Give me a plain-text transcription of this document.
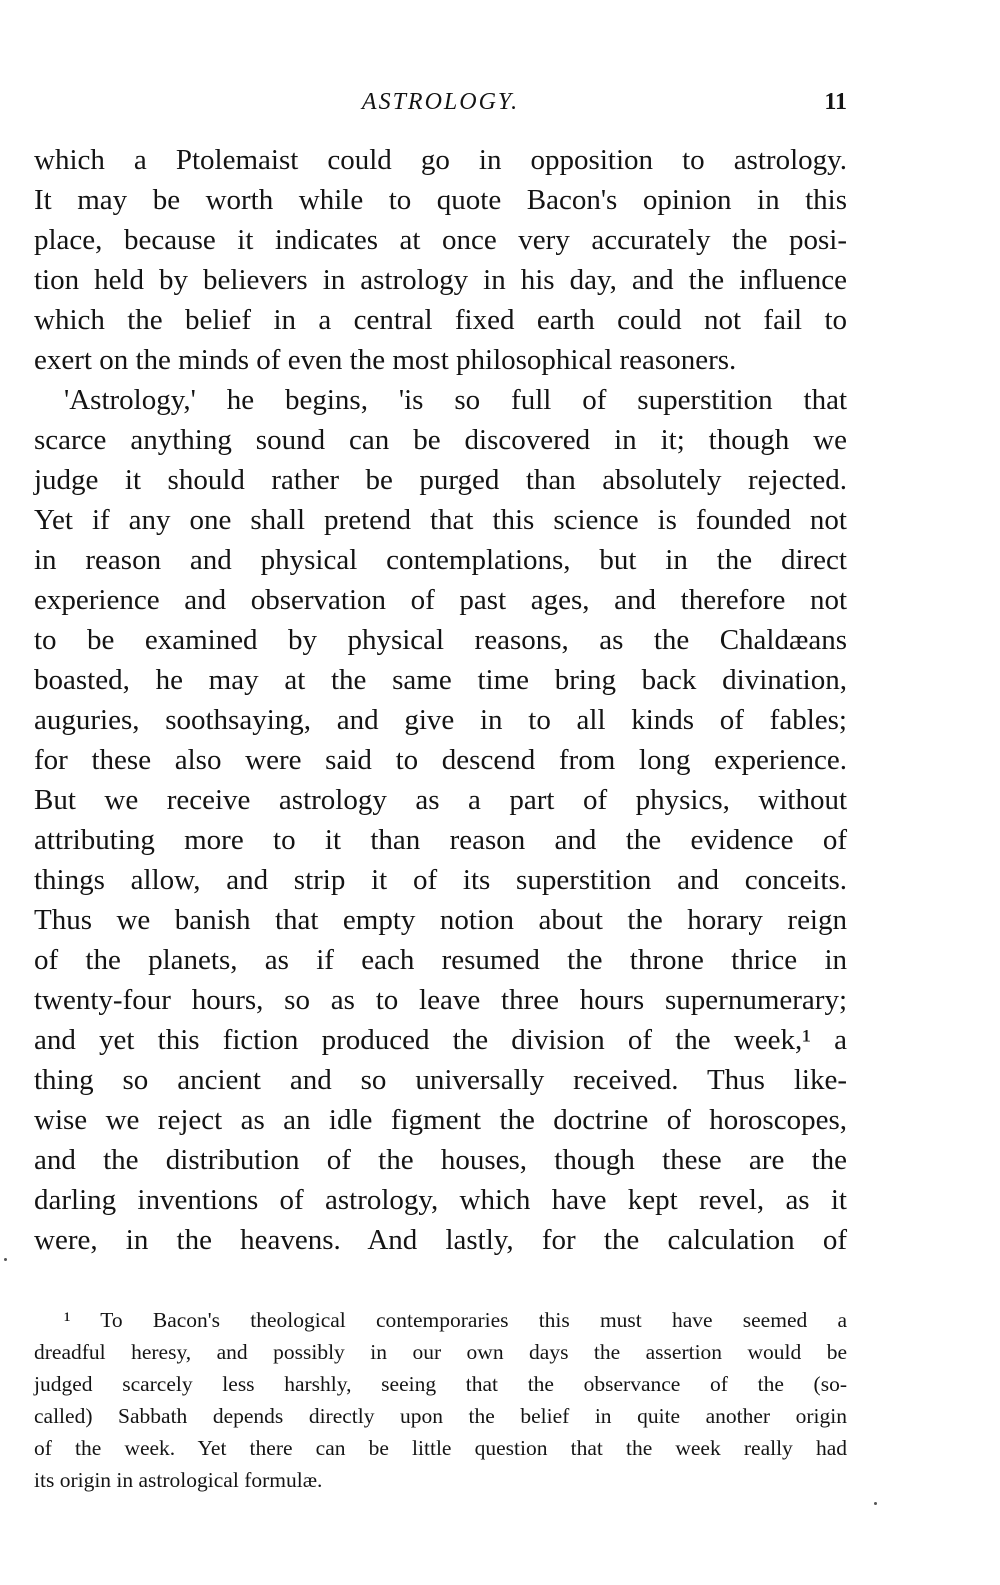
ASTROLOGY.	11
which a Ptolemaist could go in opposition to astrology.
It may be worth while to quote Bacon's opinion in this
place, because it indicates at once very accurately the posi-
tion held by believers in astrology in his day, and the influence
which the belief in a central fixed earth could not fail to
exert on the minds of even the most philosophical reasoners.
'Astrology,' he begins, 'is so full of superstition that
scarce anything sound can be discovered in it; though we
judge it should rather be purged than absolutely rejected.
Yet if any one shall pretend that this science is founded not
in reason and physical contemplations, but in the direct
experience and observation of past ages, and therefore not
to be examined by physical reasons, as the Chaldæans
boasted, he may at the same time bring back divination,
auguries, soothsaying, and give in to all kinds of fables;
for these also were said to descend from long experience.
But we receive astrology as a part of physics, without
attributing more to it than reason and the evidence of
things allow, and strip it of its superstition and conceits.
Thus we banish that empty notion about the horary reign
of the planets, as if each resumed the throne thrice in
twenty-four hours, so as to leave three hours supernumerary;
and yet this fiction produced the division of the week,¹ a
thing so ancient and so universally received. Thus like-
wise we reject as an idle figment the doctrine of horoscopes,
and the distribution of the houses, though these are the
darling inventions of astrology, which have kept revel, as it
were, in the heavens. And lastly, for the calculation of
¹ To Bacon's theological contemporaries this must have seemed a
dreadful heresy, and possibly in our own days the assertion would be
judged scarcely less harshly, seeing that the observance of the (so-
called) Sabbath depends directly upon the belief in quite another origin
of the week. Yet there can be little question that the week really had
its origin in astrological formulæ.
